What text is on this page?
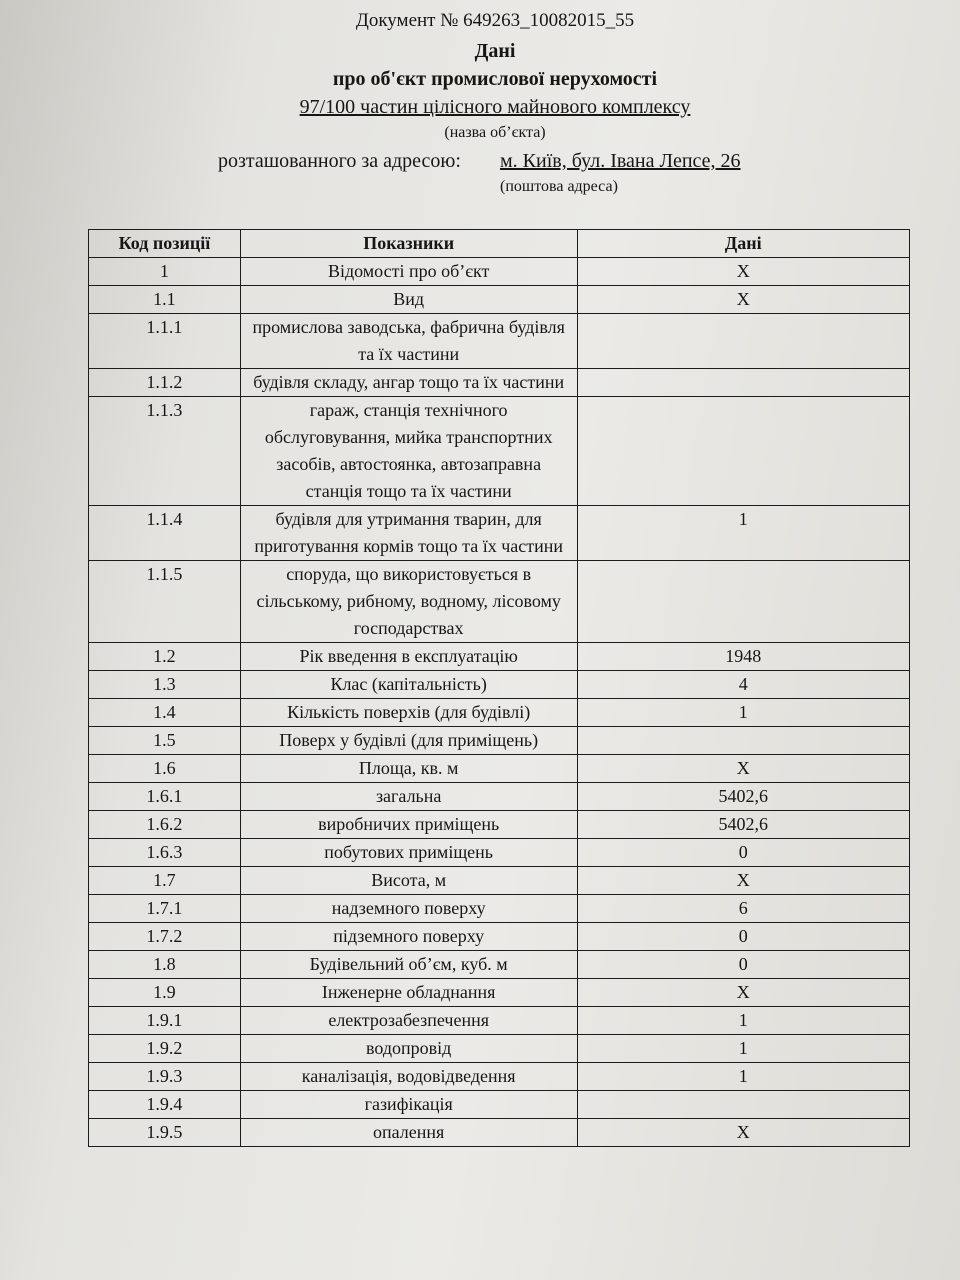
Документ № 649263_10082015_55
Дані
про об'єкт промислової нерухомості
97/100 частин цілісного майнового комплексу
(назва об’єкта)
розташованного за адресою: м. Київ, бул. Івана Лепсе, 26
(поштова адреса)
Код позиції	Показники	Дані
1	Відомості про об’єкт	X
1.1	Вид	X
1.1.1	промислова заводська, фабрична будівля та їх частини	
1.1.2	будівля складу, ангар тощо та їх частини	
1.1.3	гараж, станція технічного обслуговування, мийка транспортних засобів, автостоянка, автозаправна станція тощо та їх частини	
1.1.4	будівля для утримання тварин, для приготування кормів тощо та їх частини	1
1.1.5	споруда, що використовується в сільському, рибному, водному, лісовому господарствах	
1.2	Рік введення в експлуатацію	1948
1.3	Клас (капітальність)	4
1.4	Кількість поверхів (для будівлі)	1
1.5	Поверх у будівлі (для приміщень)	
1.6	Площа, кв. м	X
1.6.1	загальна	5402,6
1.6.2	виробничих приміщень	5402,6
1.6.3	побутових приміщень	0
1.7	Висота, м	X
1.7.1	надземного поверху	6
1.7.2	підземного поверху	0
1.8	Будівельний об’єм, куб. м	0
1.9	Інженерне обладнання	X
1.9.1	електрозабезпечення	1
1.9.2	водопровід	1
1.9.3	каналізація, водовідведення	1
1.9.4	газифікація	
1.9.5	опалення	X
